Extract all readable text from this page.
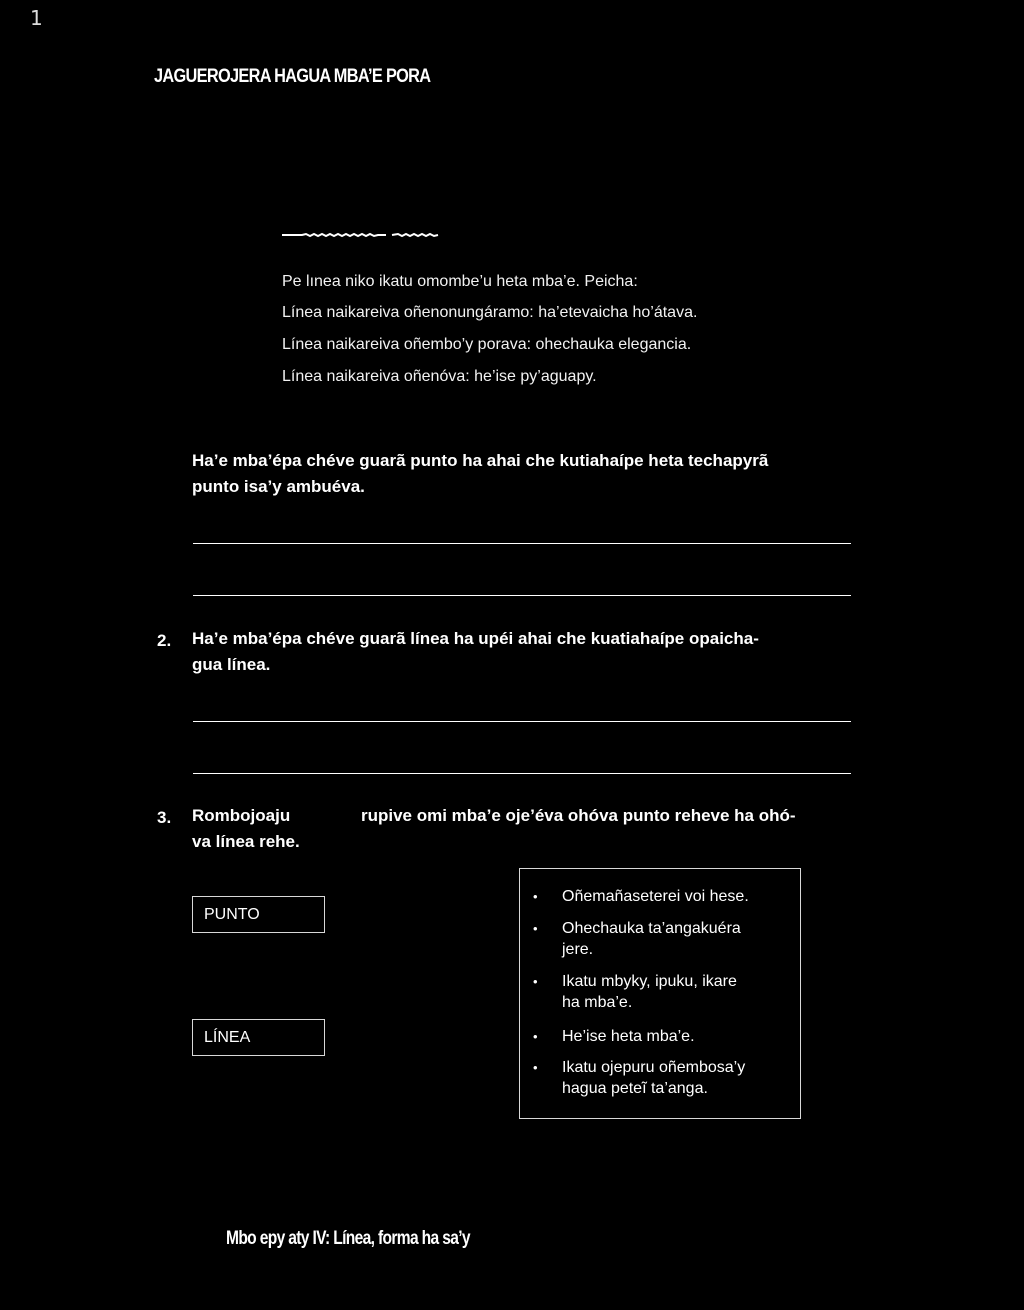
1
JAGUEROJERA HAGUA MBA’E PORA
Pe lınea niko ikatu omombe’u heta mba’e. Peicha:
Línea naikareiva oñenonungáramo: ha’etevaicha ho’átava.
Línea naikareiva oñembo’y porava: ohechauka elegancia.
Línea naikareiva oñenóva: he’ise py’aguapy.
Ha’e mba’épa chéve guarã punto ha ahai che kutiahaípe heta techapyrã
punto isa’y ambuéva.
2. Ha’e mba’épa chéve guarã línea ha upéi ahai che kuatiahaípe opaicha-
gua línea.
3. Rombojoaju	rupive omi mba’e oje’éva ohóva punto reheve ha ohó-
va línea rehe.
PUNTO
LÍNEA
• Oñemañaseterei voi hese.
• Ohechauka ta’angakuéra
jere.
• Ikatu mbyky, ipuku, ikare
ha mba’e.
• He’ise heta mba’e.
• Ikatu ojepuru oñembosa’y
hagua peteĩ ta’anga.
Mbo epy aty IV: Línea, forma ha sa’y
